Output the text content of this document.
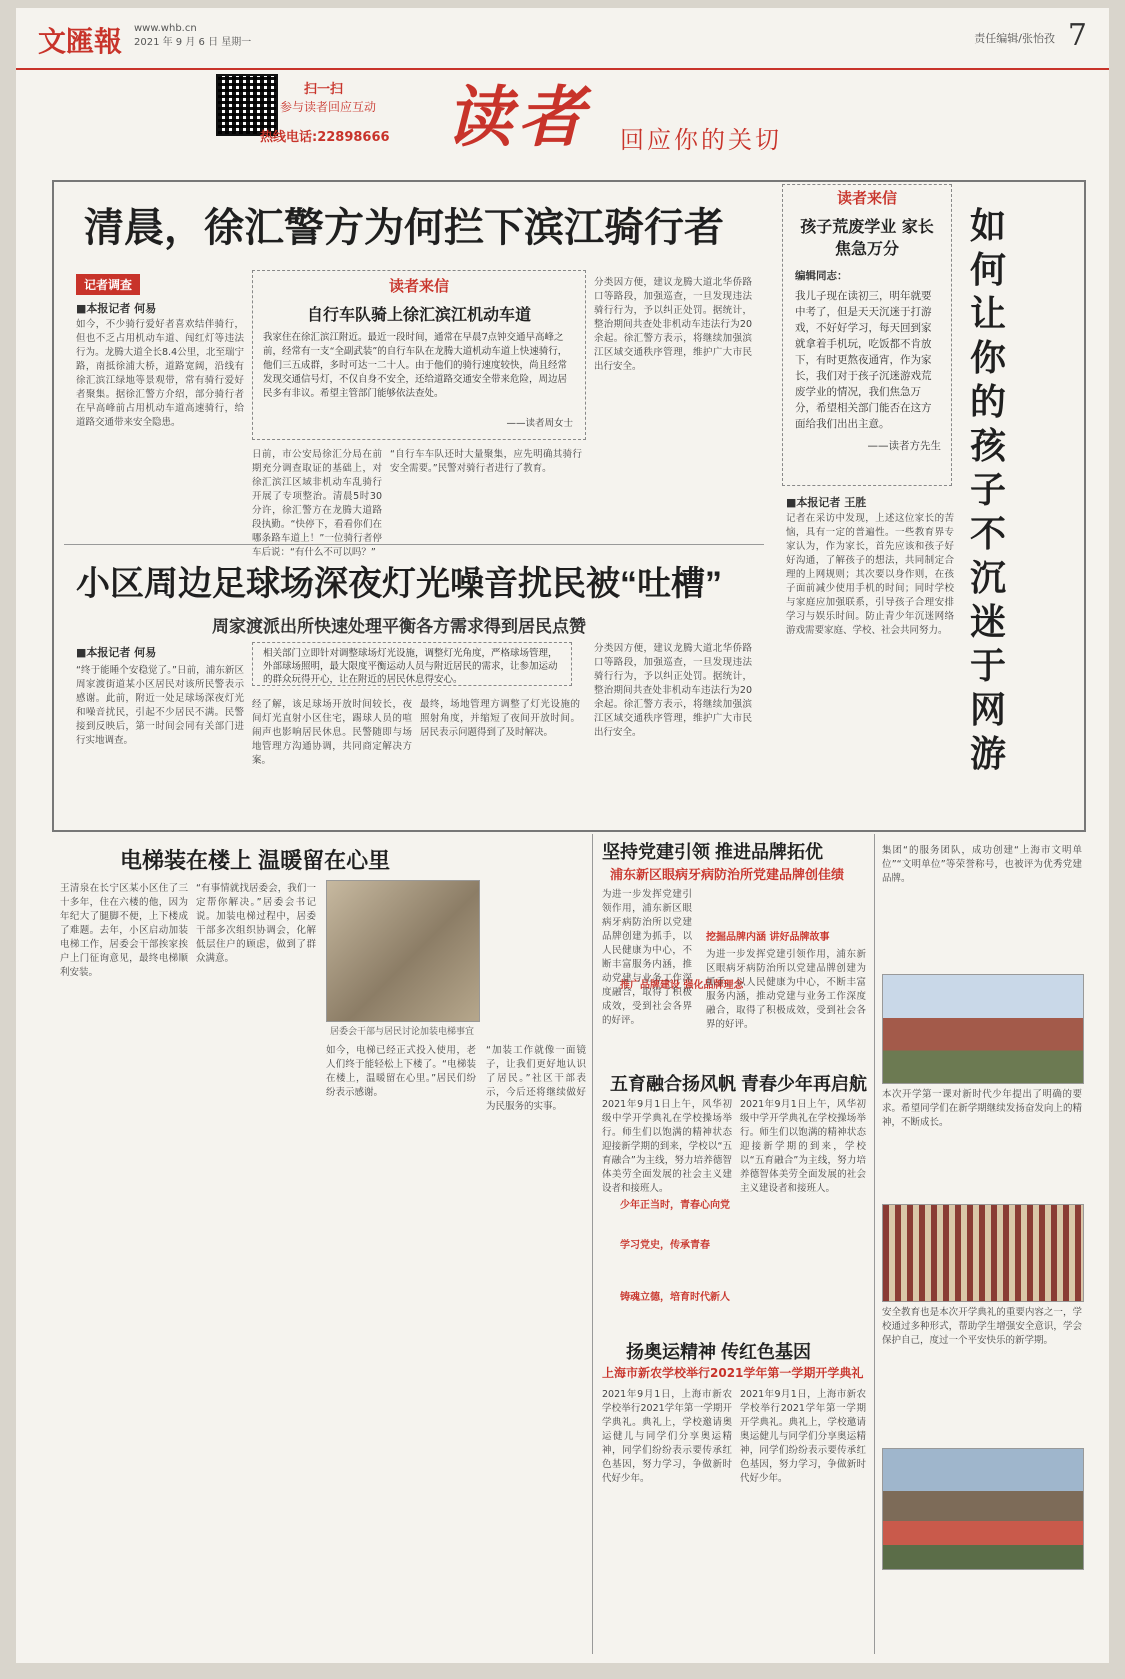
文匯報 www.whb.cn
2021 年 9 月 6 日 星期一	责任编辑/张怡孜 7
扫一扫
参与读者回应互动
热线电话:22898666 读者 回应你的关切
清晨，徐汇警方为何拦下滨江骑行者
记者调查
■本报记者 何易
如今，不少骑行爱好者喜欢结伴骑行，但也不乏占用机动车道、闯红灯等违法行为。龙腾大道全长8.4公里，北至瑞宁路，南抵徐浦大桥，道路宽阔，沿线有徐汇滨江绿地等景观带，常有骑行爱好者聚集。据徐汇警方介绍，部分骑行者在早高峰前占用机动车道高速骑行，给道路交通带来安全隐患。
日前，市公安局徐汇分局在前期充分调查取证的基础上，对徐汇滨江区域非机动车乱骑行开展了专项整治。清晨5时30分许，徐汇警方在龙腾大道路段执勤。“快停下，看看你们在哪条路车道上！”一位骑行者停车后说：“有什么不可以吗？”
“自行车车队还时大量聚集，应先明确其骑行安全需要。”民警对骑行者进行了教育。
分类因方便，建议龙腾大道北华侨路口等路段，加强巡查，一旦发现违法骑行行为，予以纠正处罚。据统计，整治期间共查处非机动车违法行为20余起。徐汇警方表示，将继续加强滨江区域交通秩序管理，维护广大市民出行安全。
读者来信
自行车队骑上徐汇滨江机动车道
我家住在徐汇滨江附近。最近一段时间，通常在早晨7点钟交通早高峰之前，经常有一支“全副武装”的自行车队在龙腾大道机动车道上快速骑行，他们三五成群，多时可达一二十人。由于他们的骑行速度较快，尚且经常发现交通信号灯，不仅自身不安全，还给道路交通安全带来危险，周边居民多有非议。希望主管部门能够依法查处。
——读者周女士
读者来信
孩子荒废学业 家长焦急万分
编辑同志：
我儿子现在读初三，明年就要中考了，但是天天沉迷于打游戏，不好好学习，每天回到家就拿着手机玩，吃饭都不肯放下，有时更熬夜通宵，作为家长，我们对于孩子沉迷游戏荒废学业的情况，我们焦急万分，希望相关部门能否在这方面给我们出出主意。
——读者方先生
■本报记者 王胜
记者在采访中发现，上述这位家长的苦恼，具有一定的普遍性。一些教育界专家认为，作为家长，首先应该和孩子好好沟通，了解孩子的想法，共同制定合理的上网规则；其次要以身作则，在孩子面前减少使用手机的时间；同时学校与家庭应加强联系，引导孩子合理安排学习与娱乐时间。防止青少年沉迷网络游戏需要家庭、学校、社会共同努力。
如何让你的孩子不沉迷于网游
小区周边足球场深夜灯光噪音扰民被“吐槽”
周家渡派出所快速处理平衡各方需求得到居民点赞
■本报记者 何易	相关部门立即针对调整球场灯光设施，调整灯光角度，严格球场管理，外部球场照明，最大限度平衡运动人员与附近居民的需求，让参加运动的群众玩得开心，让在附近的居民休息得安心。
“终于能睡个安稳觉了。”日前，浦东新区周家渡街道某小区居民对该所民警表示感谢。此前，附近一处足球场深夜灯光和噪音扰民，引起不少居民不满。民警接到反映后，第一时间会同有关部门进行实地调查。
经了解，该足球场开放时间较长，夜间灯光直射小区住宅，踢球人员的喧闹声也影响居民休息。民警随即与场地管理方沟通协调，共同商定解决方案。
最终，场地管理方调整了灯光设施的照射角度，并缩短了夜间开放时间。居民表示问题得到了及时解决。
分类因方便，建议龙腾大道北华侨路口等路段，加强巡查，一旦发现违法骑行行为，予以纠正处罚。据统计，整治期间共查处非机动车违法行为20余起。徐汇警方表示，将继续加强滨江区域交通秩序管理，维护广大市民出行安全。
电梯装在楼上 温暖留在心里
王清泉在长宁区某小区住了三十多年，住在六楼的他，因为年纪大了腿脚不便，上下楼成了难题。去年，小区启动加装电梯工作，居委会干部挨家挨户上门征询意见，最终电梯顺利安装。
“有事情就找居委会，我们一定帮你解决。”居委会书记说。加装电梯过程中，居委干部多次组织协调会，化解低层住户的顾虑，做到了群众满意。
居委会干部与居民讨论加装电梯事宜
如今，电梯已经正式投入使用，老人们终于能轻松上下楼了。“电梯装在楼上，温暖留在心里。”居民们纷纷表示感谢。
“加装工作就像一面镜子，让我们更好地认识了居民。”社区干部表示，今后还将继续做好为民服务的实事。
坚持党建引领 推进品牌拓优
浦东新区眼病牙病防治所党建品牌创佳绩
挖掘品牌内涵 讲好品牌故事
推广品牌建设 强化品牌理念
为进一步发挥党建引领作用，浦东新区眼病牙病防治所以党建品牌创建为抓手，以人民健康为中心，不断丰富服务内涵，推动党建与业务工作深度融合，取得了积极成效，受到社会各界的好评。
为进一步发挥党建引领作用，浦东新区眼病牙病防治所以党建品牌创建为抓手，以人民健康为中心，不断丰富服务内涵，推动党建与业务工作深度融合，取得了积极成效，受到社会各界的好评。
五育融合扬风帆 青春少年再启航
少年正当时，青春心向党
学习党史，传承青春
铸魂立德，培育时代新人
2021年9月1日上午，风华初级中学开学典礼在学校操场举行。师生们以饱满的精神状态迎接新学期的到来，学校以“五育融合”为主线，努力培养德智体美劳全面发展的社会主义建设者和接班人。
2021年9月1日上午，风华初级中学开学典礼在学校操场举行。师生们以饱满的精神状态迎接新学期的到来，学校以“五育融合”为主线，努力培养德智体美劳全面发展的社会主义建设者和接班人。
扬奥运精神 传红色基因
上海市新农学校举行2021学年第一学期开学典礼
2021年9月1日，上海市新农学校举行2021学年第一学期开学典礼。典礼上，学校邀请奥运健儿与同学们分享奥运精神，同学们纷纷表示要传承红色基因，努力学习，争做新时代好少年。
2021年9月1日，上海市新农学校举行2021学年第一学期开学典礼。典礼上，学校邀请奥运健儿与同学们分享奥运精神，同学们纷纷表示要传承红色基因，努力学习，争做新时代好少年。
集团“的服务团队，成功创建“上海市文明单位”“文明单位”等荣誉称号，也被评为优秀党建品牌。
本次开学第一课对新时代少年提出了明确的要求。希望同学们在新学期继续发扬奋发向上的精神，不断成长。
安全教育也是本次开学典礼的重要内容之一，学校通过多种形式，帮助学生增强安全意识，学会保护自己，度过一个平安快乐的新学期。
